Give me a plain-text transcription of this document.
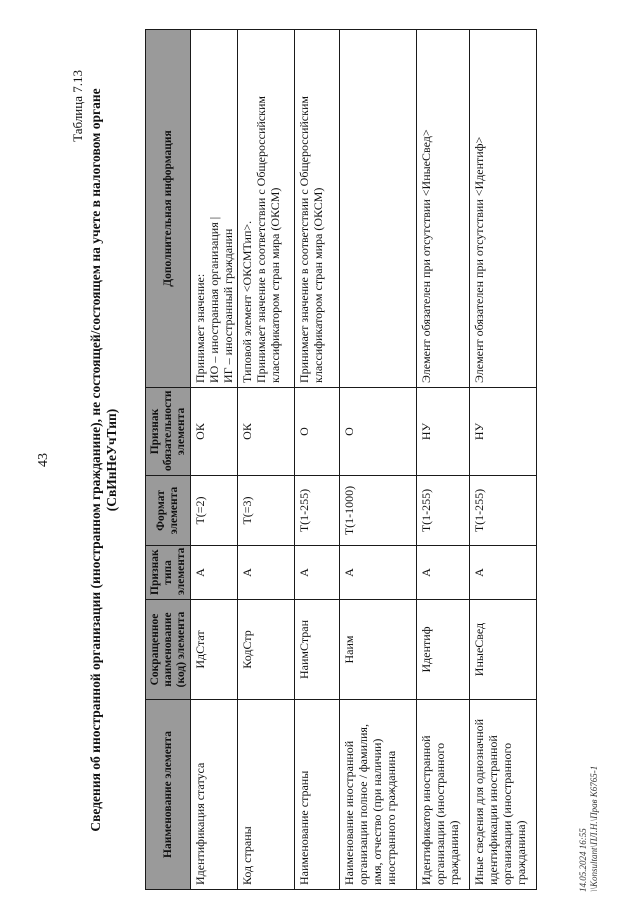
43
Таблица 7.13 Сведения об иностранной организации (иностранном гражданине), не состоящей/состоящем на учете в налоговом органе (СвИнНеУчТип)
Наименование элемента	Сокращенное наименование (код) элемента	Признак типа элемента	Формат элемента	Признак обязательности элемента	Дополнительная информация
Идентификация статуса	ИдСтат	А	Т(=2)	ОК	Принимает значение: ИО – иностранная организация | ИГ – иностранный гражданин

Код страны	КодСтр	А	Т(=3)	ОК	Типовой элемент <ОКСМТип>. Принимает значение в соответствии с Общероссийским классификатором стран мира (ОКСМ)

Наименование страны	НаимСтран	А	Т(1-255)	О	Принимает значение в соответствии с Общероссийским классификатором стран мира (ОКСМ)

Наименование иностранной организации полное / фамилия, имя, отчество (при наличии) иностранного гражданина	Наим	А	Т(1-1000)	О	

Идентификатор иностранной организации (иностранного гражданина)	Идентиф	А	Т(1-255)	НУ	Элемент обязателен при отсутствии <ИныеСвед>

Иные сведения для однозначной идентификации иностранной организации (иностранного гражданина)	ИныеСвед	А	Т(1-255)	НУ	Элемент обязателен при отсутствии <Идентиф>
14.05.2024 16:55 \\Konsultant\ПЛ.Н.\Прав К6765-1
